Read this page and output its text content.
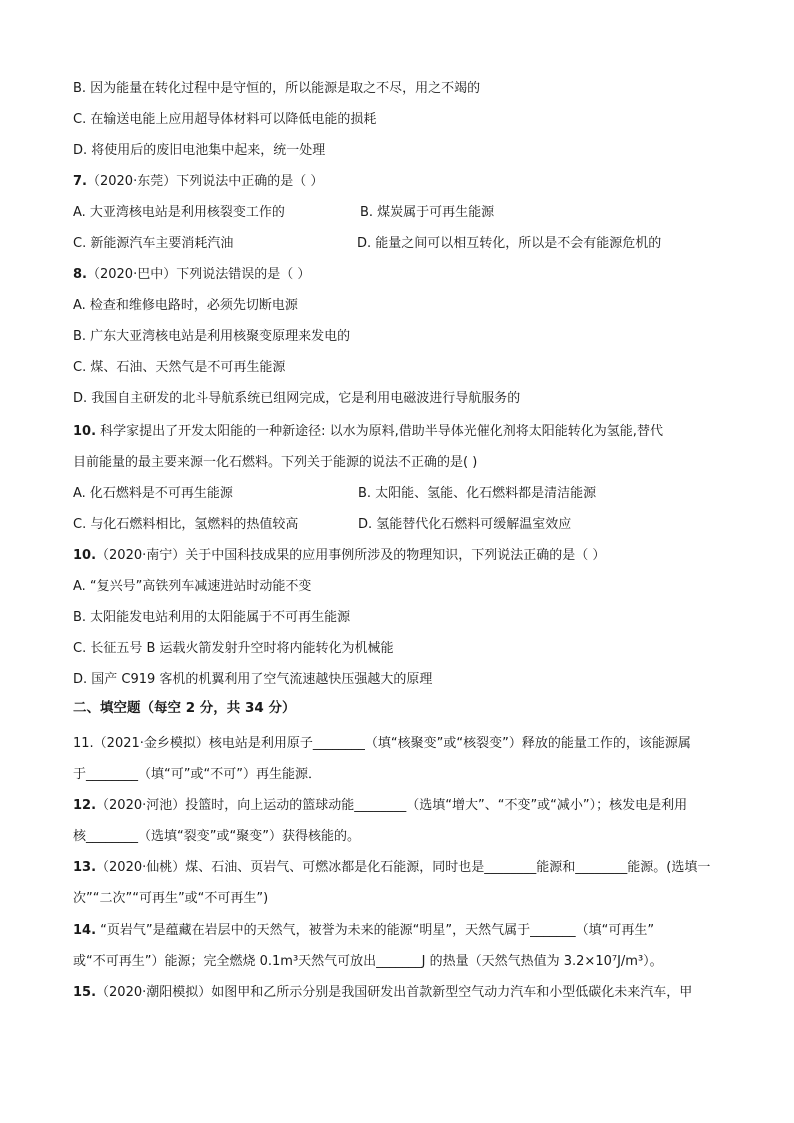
B. 因为能量在转化过程中是守恒的，所以能源是取之不尽，用之不竭的
C. 在输送电能上应用超导体材料可以降低电能的损耗
D. 将使用后的废旧电池集中起来，统一处理
7.（2020·东莞）下列说法中正确的是（ ）
A. 大亚湾核电站是利用核裂变工作的	B. 煤炭属于可再生能源
C. 新能源汽车主要消耗汽油	D. 能量之间可以相互转化，所以是不会有能源危机的
8.（2020·巴中）下列说法错误的是（ ）
A. 检查和维修电路时，必须先切断电源
B. 广东大亚湾核电站是利用核聚变原理来发电的
C. 煤、石油、天然气是不可再生能源
D. 我国自主研发的北斗导航系统已组网完成，它是利用电磁波进行导航服务的
10. 科学家提出了开发太阳能的一种新途径: 以水为原料,借助半导体光催化剂将太阳能转化为氢能,替代
目前能量的最主要来源一化石燃料。下列关于能源的说法不正确的是( )
A. 化石燃料是不可再生能源	B. 太阳能、氢能、化石燃料都是清洁能源
C. 与化石燃料相比，氢燃料的热值较高	D. 氢能替代化石燃料可缓解温室效应
10.（2020·南宁）关于中国科技成果的应用事例所涉及的物理知识，下列说法正确的是（ ）
A. “复兴号”高铁列车减速进站时动能不变
B. 太阳能发电站利用的太阳能属于不可再生能源
C. 长征五号 B 运载火箭发射升空时将内能转化为机械能
D. 国产 C919 客机的机翼利用了空气流速越快压强越大的原理
二、填空题（每空 2 分，共 34 分）
11.（2021·金乡模拟）核电站是利用原子________（填“核聚变”或“核裂变”）释放的能量工作的，该能源属
于________（填“可”或“不可”）再生能源．
12.（2020·河池）投篮时，向上运动的篮球动能________（选填“增大”、“不变”或“减小”）；核发电是利用
核________（选填“裂变”或“聚变”）获得核能的。
13.（2020·仙桃）煤、石油、页岩气、可燃冰都是化石能源，同时也是________能源和________能源。(选填一
次”“二次”“可再生”或“不可再生”)
14. “页岩气”是蕴藏在岩层中的天然气，被誉为未来的能源“明星”，天然气属于_______（填“可再生”
或“不可再生”）能源；完全燃烧 0.1m³天然气可放出_______J 的热量（天然气热值为 3.2×10⁷J/m³）。
15.（2020·潮阳模拟）如图甲和乙所示分别是我国研发出首款新型空气动力汽车和小型低碳化未来汽车，甲
